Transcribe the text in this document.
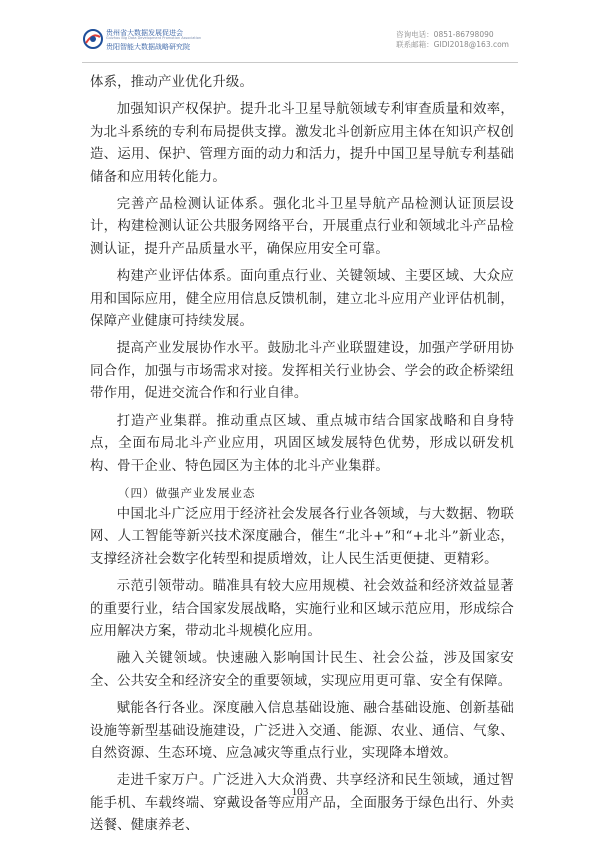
贵州省大数据发展促进会
Guizhou Big Data Development Promotion Association
贵阳智能大数据战略研究院
咨询电话：0851-86798090
联系邮箱：GIDI2018@163.com

体系，推动产业优化升级。

加强知识产权保护。提升北斗卫星导航领域专利审查质量和效率，为北斗系统的专利布局提供支撑。激发北斗创新应用主体在知识产权创造、运用、保护、管理方面的动力和活力，提升中国卫星导航专利基础储备和应用转化能力。

完善产品检测认证体系。强化北斗卫星导航产品检测认证顶层设计，构建检测认证公共服务网络平台，开展重点行业和领域北斗产品检测认证，提升产品质量水平，确保应用安全可靠。

构建产业评估体系。面向重点行业、关键领域、主要区域、大众应用和国际应用，健全应用信息反馈机制，建立北斗应用产业评估机制，保障产业健康可持续发展。

提高产业发展协作水平。鼓励北斗产业联盟建设，加强产学研用协同合作，加强与市场需求对接。发挥相关行业协会、学会的政企桥梁纽带作用，促进交流合作和行业自律。

打造产业集群。推动重点区域、重点城市结合国家战略和自身特点，全面布局北斗产业应用，巩固区域发展特色优势，形成以研发机构、骨干企业、特色园区为主体的北斗产业集群。

（四）做强产业发展业态

中国北斗广泛应用于经济社会发展各行业各领域，与大数据、物联网、人工智能等新兴技术深度融合，催生“北斗+”和“+北斗”新业态，支撑经济社会数字化转型和提质增效，让人民生活更便捷、更精彩。

示范引领带动。瞄准具有较大应用规模、社会效益和经济效益显著的重要行业，结合国家发展战略，实施行业和区域示范应用，形成综合应用解决方案，带动北斗规模化应用。

融入关键领域。快速融入影响国计民生、社会公益，涉及国家安全、公共安全和经济安全的重要领域，实现应用更可靠、安全有保障。

赋能各行各业。深度融入信息基础设施、融合基础设施、创新基础设施等新型基础设施建设，广泛进入交通、能源、农业、通信、气象、自然资源、生态环境、应急减灾等重点行业，实现降本增效。

走进千家万户。广泛进入大众消费、共享经济和民生领域，通过智能手机、车载终端、穿戴设备等应用产品，全面服务于绿色出行、外卖送餐、健康养老、

103
